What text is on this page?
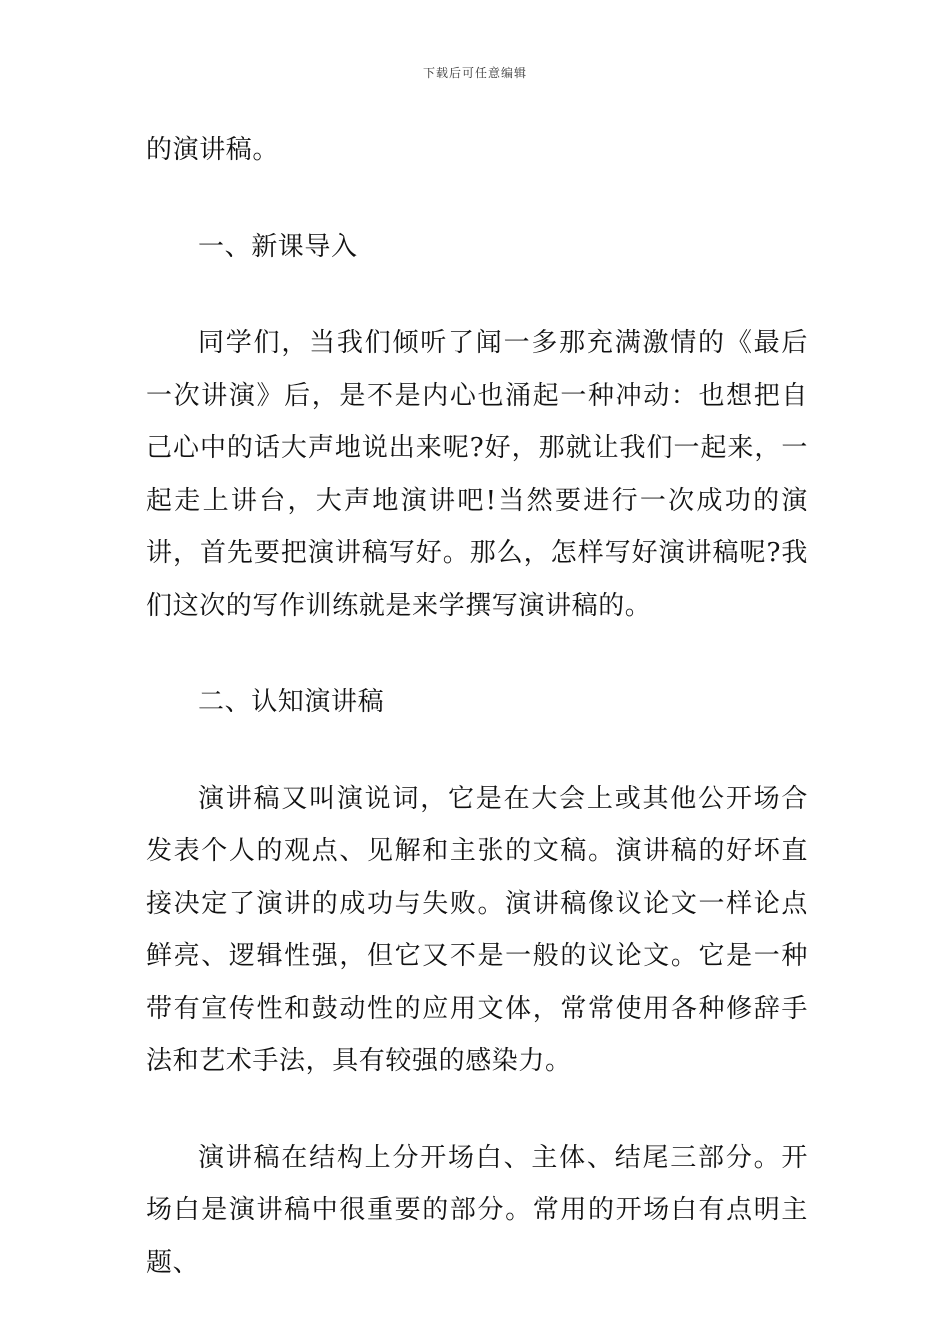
下载后可任意编辑

的演讲稿。

一、新课导入

同学们，当我们倾听了闻一多那充满激情的《最后一次讲演》后，是不是内心也涌起一种冲动：也想把自己心中的话大声地说出来呢?好，那就让我们一起来，一起走上讲台，大声地演讲吧!当然要进行一次成功的演讲，首先要把演讲稿写好。那么，怎样写好演讲稿呢?我们这次的写作训练就是来学撰写演讲稿的。

二、认知演讲稿

演讲稿又叫演说词，它是在大会上或其他公开场合发表个人的观点、见解和主张的文稿。演讲稿的好坏直接决定了演讲的成功与失败。演讲稿像议论文一样论点鲜亮、逻辑性强，但它又不是一般的议论文。它是一种带有宣传性和鼓动性的应用文体，常常使用各种修辞手法和艺术手法，具有较强的感染力。

演讲稿在结构上分开场白、主体、结尾三部分。开场白是演讲稿中很重要的部分。常用的开场白有点明主题、
